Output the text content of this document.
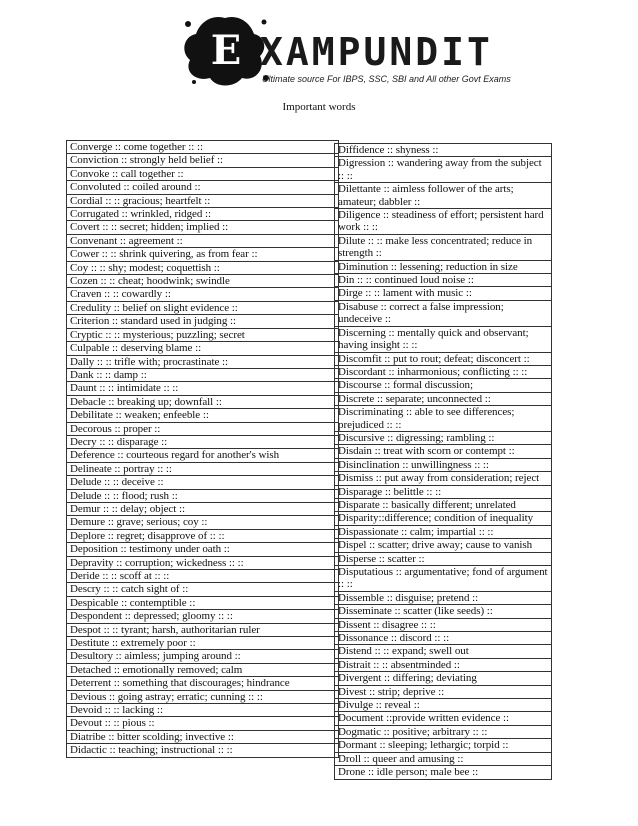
E XAMPUNDIT
Ultimate source For IBPS, SSC, SBI and All other Govt Exams
Important words
Converge :: come together :: ::
Conviction :: strongly held belief ::
Convoke :: call together ::
Convoluted :: coiled around ::
Cordial :: :: gracious; heartfelt ::
Corrugated :: wrinkled, ridged ::
Covert :: :: secret; hidden; implied ::
Convenant :: agreement ::
Cower :: :: shrink quivering, as from fear ::
Coy :: :: shy; modest; coquettish ::
Cozen :: :: cheat; hoodwink; swindle
Craven :: :: cowardly ::
Credulity :: belief on slight evidence ::
Criterion :: standard used in judging ::
Cryptic :: :: mysterious; puzzling; secret
Culpable :: deserving blame ::
Dally :: :: trifle with; procrastinate ::
Dank :: :: damp ::
Daunt :: :: intimidate :: ::
Debacle :: breaking up; downfall ::
Debilitate :: weaken; enfeeble ::
Decorous :: proper ::
Decry :: :: disparage ::
Deference :: courteous regard for another's wish
Delineate :: portray :: ::
Delude :: :: deceive ::
Delude :: :: flood; rush ::
Demur :: :: delay; object ::
Demure :: grave; serious; coy ::
Deplore :: regret; disapprove of :: ::
Deposition :: testimony under oath ::
Depravity :: corruption; wickedness :: ::
Deride :: :: scoff at :: ::
Descry :: :: catch sight of ::
Despicable :: contemptible ::
Despondent :: depressed; gloomy :: ::
Despot :: :: tyrant; harsh, authoritarian ruler
Destitute :: extremely poor ::
Desultory :: aimless; jumping around ::
Detached :: emotionally removed; calm
Deterrent :: something that discourages; hindrance
Devious :: going astray; erratic; cunning :: ::
Devoid :: :: lacking ::
Devout :: :: pious ::
Diatribe :: bitter scolding; invective ::
Didactic :: teaching; instructional :: ::
Diffidence :: shyness ::
Digression :: wandering away from the subject :: ::
Dilettante :: aimless follower of the arts; amateur; dabbler ::
Diligence :: steadiness of effort; persistent hard work :: ::
Dilute :: :: make less concentrated; reduce in strength ::
Diminution :: lessening; reduction in size
Din :: :: continued loud noise ::
Dirge :: :: lament with music ::
Disabuse :: correct a false impression; undeceive ::
Discerning :: mentally quick and observant; having insight :: ::
Discomfit :: put to rout; defeat; disconcert ::
Discordant :: inharmonious; conflicting :: ::
Discourse :: formal discussion;
Discrete :: separate; unconnected ::
Discriminating :: able to see differences; prejudiced :: ::
Discursive :: digressing; rambling ::
Disdain :: treat with scorn or contempt ::
Disinclination :: unwillingness :: ::
Dismiss :: put away from consideration; reject
Disparage :: belittle :: ::
Disparate :: basically different; unrelated
Disparity::difference; condition of inequality
Dispassionate :: calm; impartial :: ::
Dispel :: scatter; drive away; cause to vanish
Disperse :: scatter ::
Disputatious :: argumentative; fond of argument :: ::
Dissemble :: disguise; pretend ::
Disseminate :: scatter (like seeds) ::
Dissent :: disagree :: ::
Dissonance :: discord :: ::
Distend :: :: expand; swell out
Distrait :: :: absentminded ::
Divergent :: differing; deviating
Divest :: strip; deprive ::
Divulge :: reveal ::
Document ::provide written evidence ::
Dogmatic :: positive; arbitrary :: ::
Dormant :: sleeping; lethargic; torpid ::
Droll :: queer and amusing ::
Drone :: idle person; male bee ::
